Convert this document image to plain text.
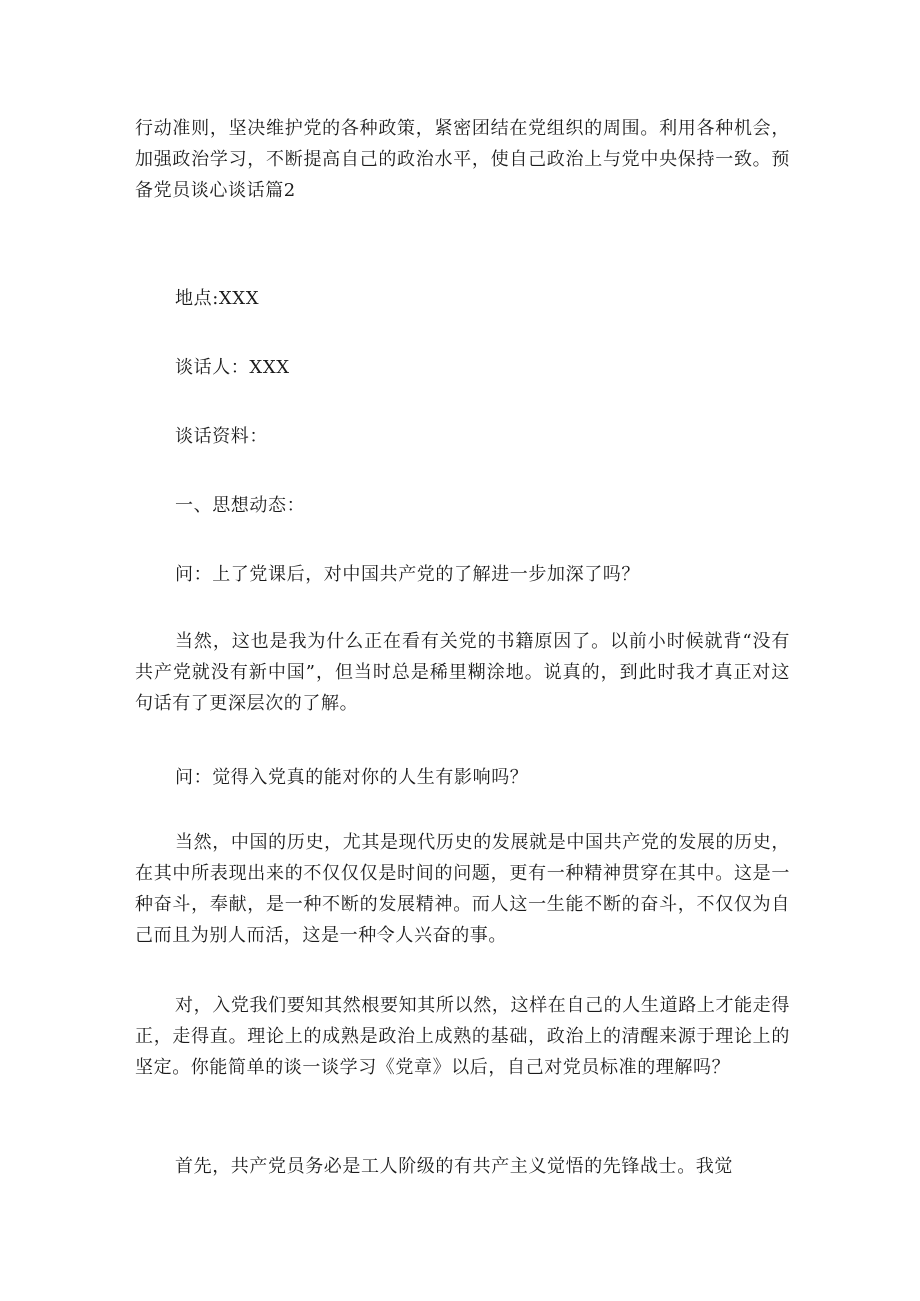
行动准则，坚决维护党的各种政策，紧密团结在党组织的周围。利用各种机会，加强政治学习，不断提高自己的政治水平，使自己政治上与党中央保持一致。预备党员谈心谈话篇2

地点:XXX

谈话人：XXX

谈话资料：

一、思想动态：

问：上了党课后，对中国共产党的了解进一步加深了吗？

当然，这也是我为什么正在看有关党的书籍原因了。以前小时候就背“没有共产党就没有新中国”，但当时总是稀里糊涂地。说真的，到此时我才真正对这句话有了更深层次的了解。

问：觉得入党真的能对你的人生有影响吗？

当然，中国的历史，尤其是现代历史的发展就是中国共产党的发展的历史，在其中所表现出来的不仅仅仅是时间的问题，更有一种精神贯穿在其中。这是一种奋斗，奉献，是一种不断的发展精神。而人这一生能不断的奋斗，不仅仅为自己而且为别人而活，这是一种令人兴奋的事。

对，入党我们要知其然根要知其所以然，这样在自己的人生道路上才能走得正，走得直。理论上的成熟是政治上成熟的基础，政治上的清醒来源于理论上的坚定。你能简单的谈一谈学习《党章》以后，自己对党员标准的理解吗？

首先，共产党员务必是工人阶级的有共产主义觉悟的先锋战士。我觉
